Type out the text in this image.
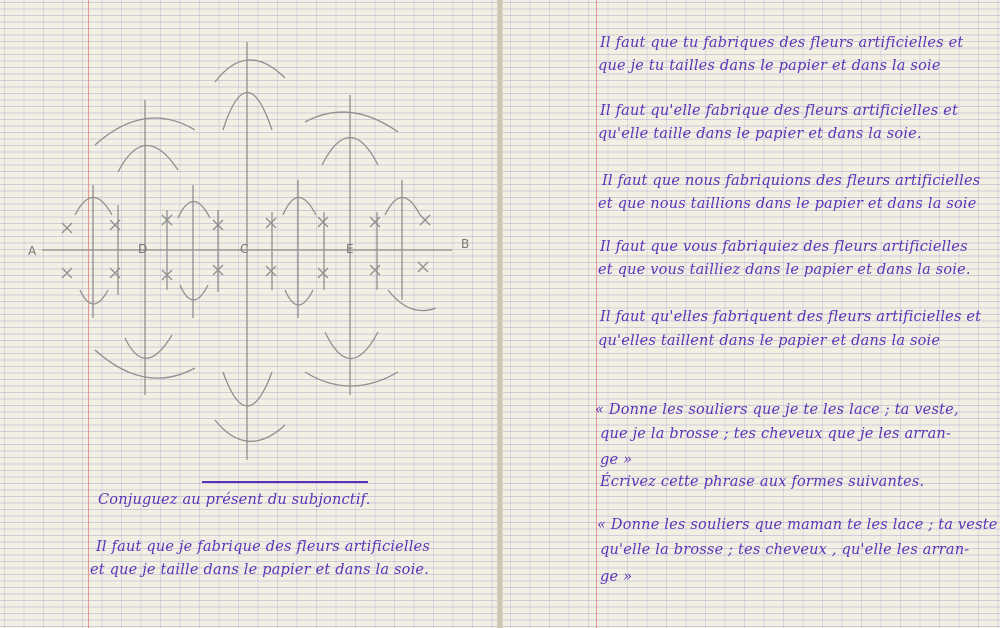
A	B
D	C	E

Conjuguez au présent du subjonctif.

Il faut que je fabrique des fleurs artificielles

et que je taille dans le papier et dans la soie.

Il faut que tu fabriques des fleurs artificielles et

que je tu tailles dans le papier et dans la soie

Il faut qu'elle fabrique des fleurs artificielles et

qu'elle taille dans le papier et dans la soie.

Il faut que nous fabriquions des fleurs artificielles

et que nous taillions dans le papier et dans la soie

Il faut que vous fabriquiez des fleurs artificielles

et que vous tailliez dans le papier et dans la soie.

Il faut qu'elles fabriquent des fleurs artificielles et

qu'elles taillent dans le papier et dans la soie

« Donne les souliers que je te les lace ; ta veste,

que je la brosse ; tes cheveux que je les arran-

ge »

Écrivez cette phrase aux formes suivantes.

« Donne les souliers que maman te les lace ; ta veste

qu'elle la brosse ; tes cheveux , qu'elle les arran-

ge »
